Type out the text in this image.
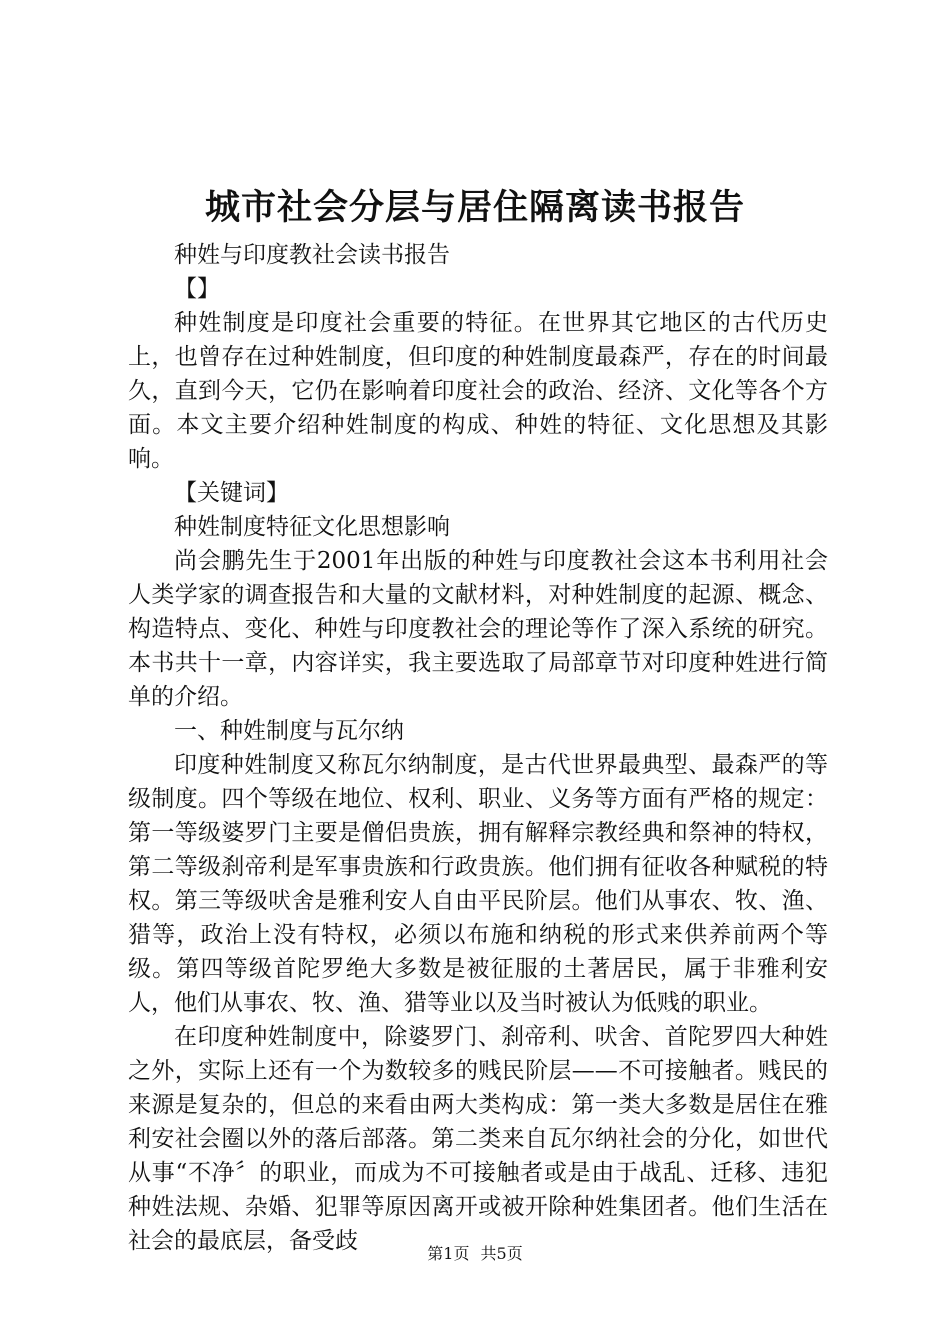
城市社会分层与居住隔离读书报告

种姓与印度教社会读书报告

【】

种姓制度是印度社会重要的特征。在世界其它地区的古代历史上，也曾存在过种姓制度，但印度的种姓制度最森严，存在的时间最久，直到今天，它仍在影响着印度社会的政治、经济、文化等各个方面。本文主要介绍种姓制度的构成、种姓的特征、文化思想及其影响。

【关键词】

种姓制度特征文化思想影响

尚会鹏先生于2001年出版的种姓与印度教社会这本书利用社会人类学家的调查报告和大量的文献材料，对种姓制度的起源、概念、构造特点、变化、种姓与印度教社会的理论等作了深入系统的研究。本书共十一章，内容详实，我主要选取了局部章节对印度种姓进行简单的介绍。

一、种姓制度与瓦尔纳

印度种姓制度又称瓦尔纳制度，是古代世界最典型、最森严的等级制度。四个等级在地位、权利、职业、义务等方面有严格的规定：第一等级婆罗门主要是僧侣贵族，拥有解释宗教经典和祭神的特权，第二等级刹帝利是军事贵族和行政贵族。他们拥有征收各种赋税的特权。第三等级吠舍是雅利安人自由平民阶层。他们从事农、牧、渔、猎等，政治上没有特权，必须以布施和纳税的形式来供养前两个等级。第四等级首陀罗绝大多数是被征服的土著居民，属于非雅利安人，他们从事农、牧、渔、猎等业以及当时被认为低贱的职业。

在印度种姓制度中，除婆罗门、刹帝利、吠舍、首陀罗四大种姓之外，实际上还有一个为数较多的贱民阶层——不可接触者。贱民的来源是复杂的，但总的来看由两大类构成：第一类大多数是居住在雅利安社会圈以外的落后部落。第二类来自瓦尔纳社会的分化，如世代从事“不净〞的职业，而成为不可接触者或是由于战乱、迁移、违犯种姓法规、杂婚、犯罪等原因离开或被开除种姓集团者。他们生活在社会的最底层，备受歧	第1页 共5页
